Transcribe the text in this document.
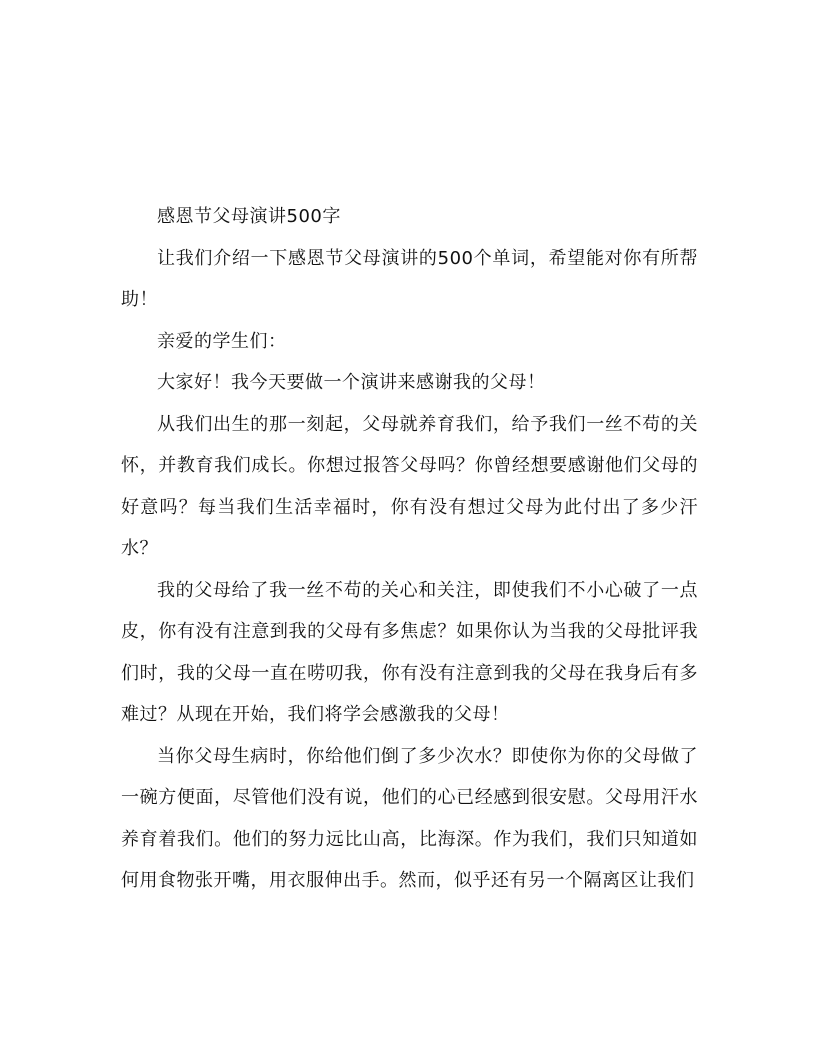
感恩节父母演讲500字

让我们介绍一下感恩节父母演讲的500个单词，希望能对你有所帮助！

亲爱的学生们：

大家好！我今天要做一个演讲来感谢我的父母！

从我们出生的那一刻起，父母就养育我们，给予我们一丝不苟的关怀，并教育我们成长。你想过报答父母吗？你曾经想要感谢他们父母的好意吗？每当我们生活幸福时，你有没有想过父母为此付出了多少汗水？

我的父母给了我一丝不苟的关心和关注，即使我们不小心破了一点皮，你有没有注意到我的父母有多焦虑？如果你认为当我的父母批评我们时，我的父母一直在唠叨我，你有没有注意到我的父母在我身后有多难过？从现在开始，我们将学会感激我的父母！

当你父母生病时，你给他们倒了多少次水？即使你为你的父母做了一碗方便面，尽管他们没有说，他们的心已经感到很安慰。父母用汗水养育着我们。他们的努力远比山高，比海深。作为我们，我们只知道如何用食物张开嘴，用衣服伸出手。然而，似乎还有另一个隔离区让我们
